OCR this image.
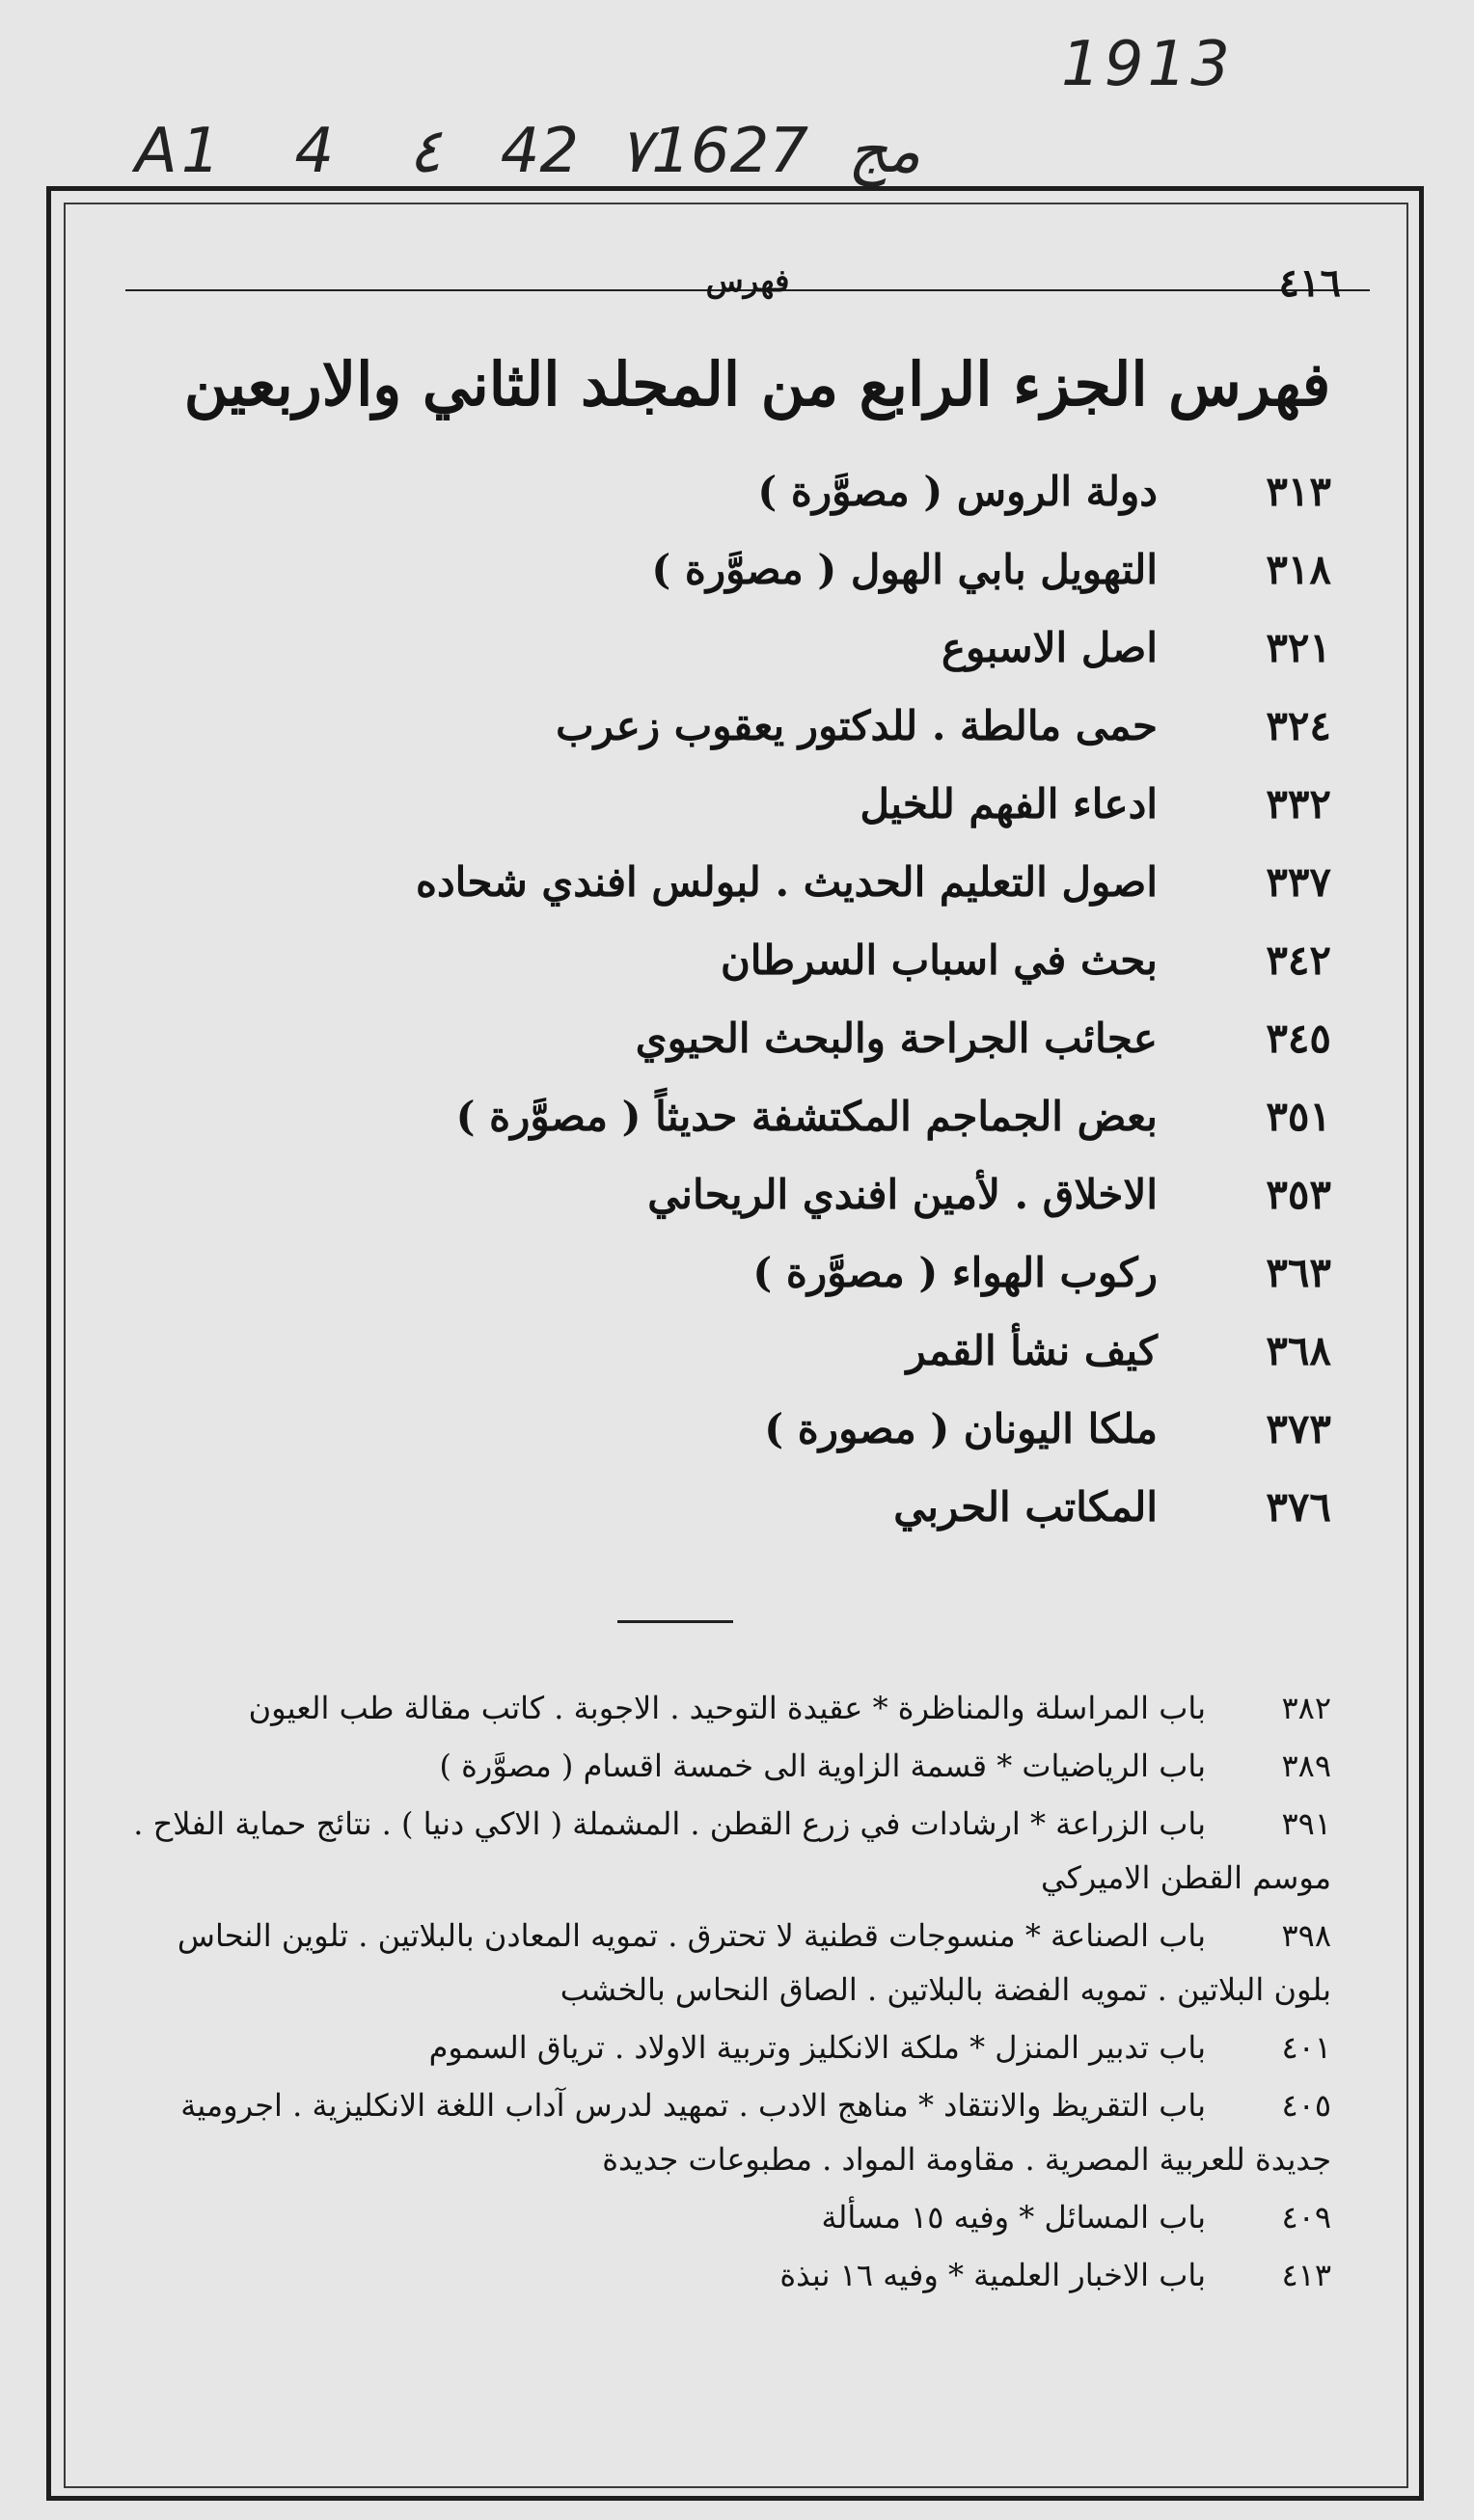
1913
A1   4   ٤   42  مج  ٧1627
٤١٦
فهرس
فهرس الجزء الرابع من المجلد الثاني والاربعين
٣١٣
دولة الروس ( مصوَّرة )
٣١٨
التهويل بابي الهول ( مصوَّرة )
٣٢١
اصل الاسبوع
٣٢٤
حمى مالطة . للدكتور يعقوب زعرب
٣٣٢
ادعاء الفهم للخيل
٣٣٧
اصول التعليم الحديث . لبولس افندي شحاده
٣٤٢
بحث في اسباب السرطان
٣٤٥
عجائب الجراحة والبحث الحيوي
٣٥١
بعض الجماجم المكتشفة حديثاً ( مصوَّرة )
٣٥٣
الاخلاق . لأمين افندي الريحاني
٣٦٣
ركوب الهواء ( مصوَّرة )
٣٦٨
كيف نشأ القمر
٣٧٣
ملكا اليونان ( مصورة )
٣٧٦
المكاتب الحربي
٣٨٢
باب المراسلة والمناظرة * عقيدة التوحيد . الاجوبة . كاتب مقالة طب العيون
٣٨٩
باب الرياضيات * قسمة الزاوية الى خمسة اقسام ( مصوَّرة )
٣٩١
باب الزراعة * ارشادات في زرع القطن . المشملة ( الاكي دنيا ) . نتائج حماية الفلاح .
موسم القطن الاميركي
٣٩٨
باب الصناعة * منسوجات قطنية لا تحترق . تمويه المعادن بالبلاتين . تلوين النحاس
بلون البلاتين . تمويه الفضة بالبلاتين . الصاق النحاس بالخشب
٤٠١
باب تدبير المنزل * ملكة الانكليز وتربية الاولاد . ترياق السموم
٤٠٥
باب التقريظ والانتقاد * مناهج الادب . تمهيد لدرس آداب اللغة الانكليزية . اجرومية
جديدة للعربية المصرية . مقاومة المواد . مطبوعات جديدة
٤٠٩
باب المسائل * وفيه ١٥ مسألة
٤١٣
باب الاخبار العلمية * وفيه ١٦ نبذة
